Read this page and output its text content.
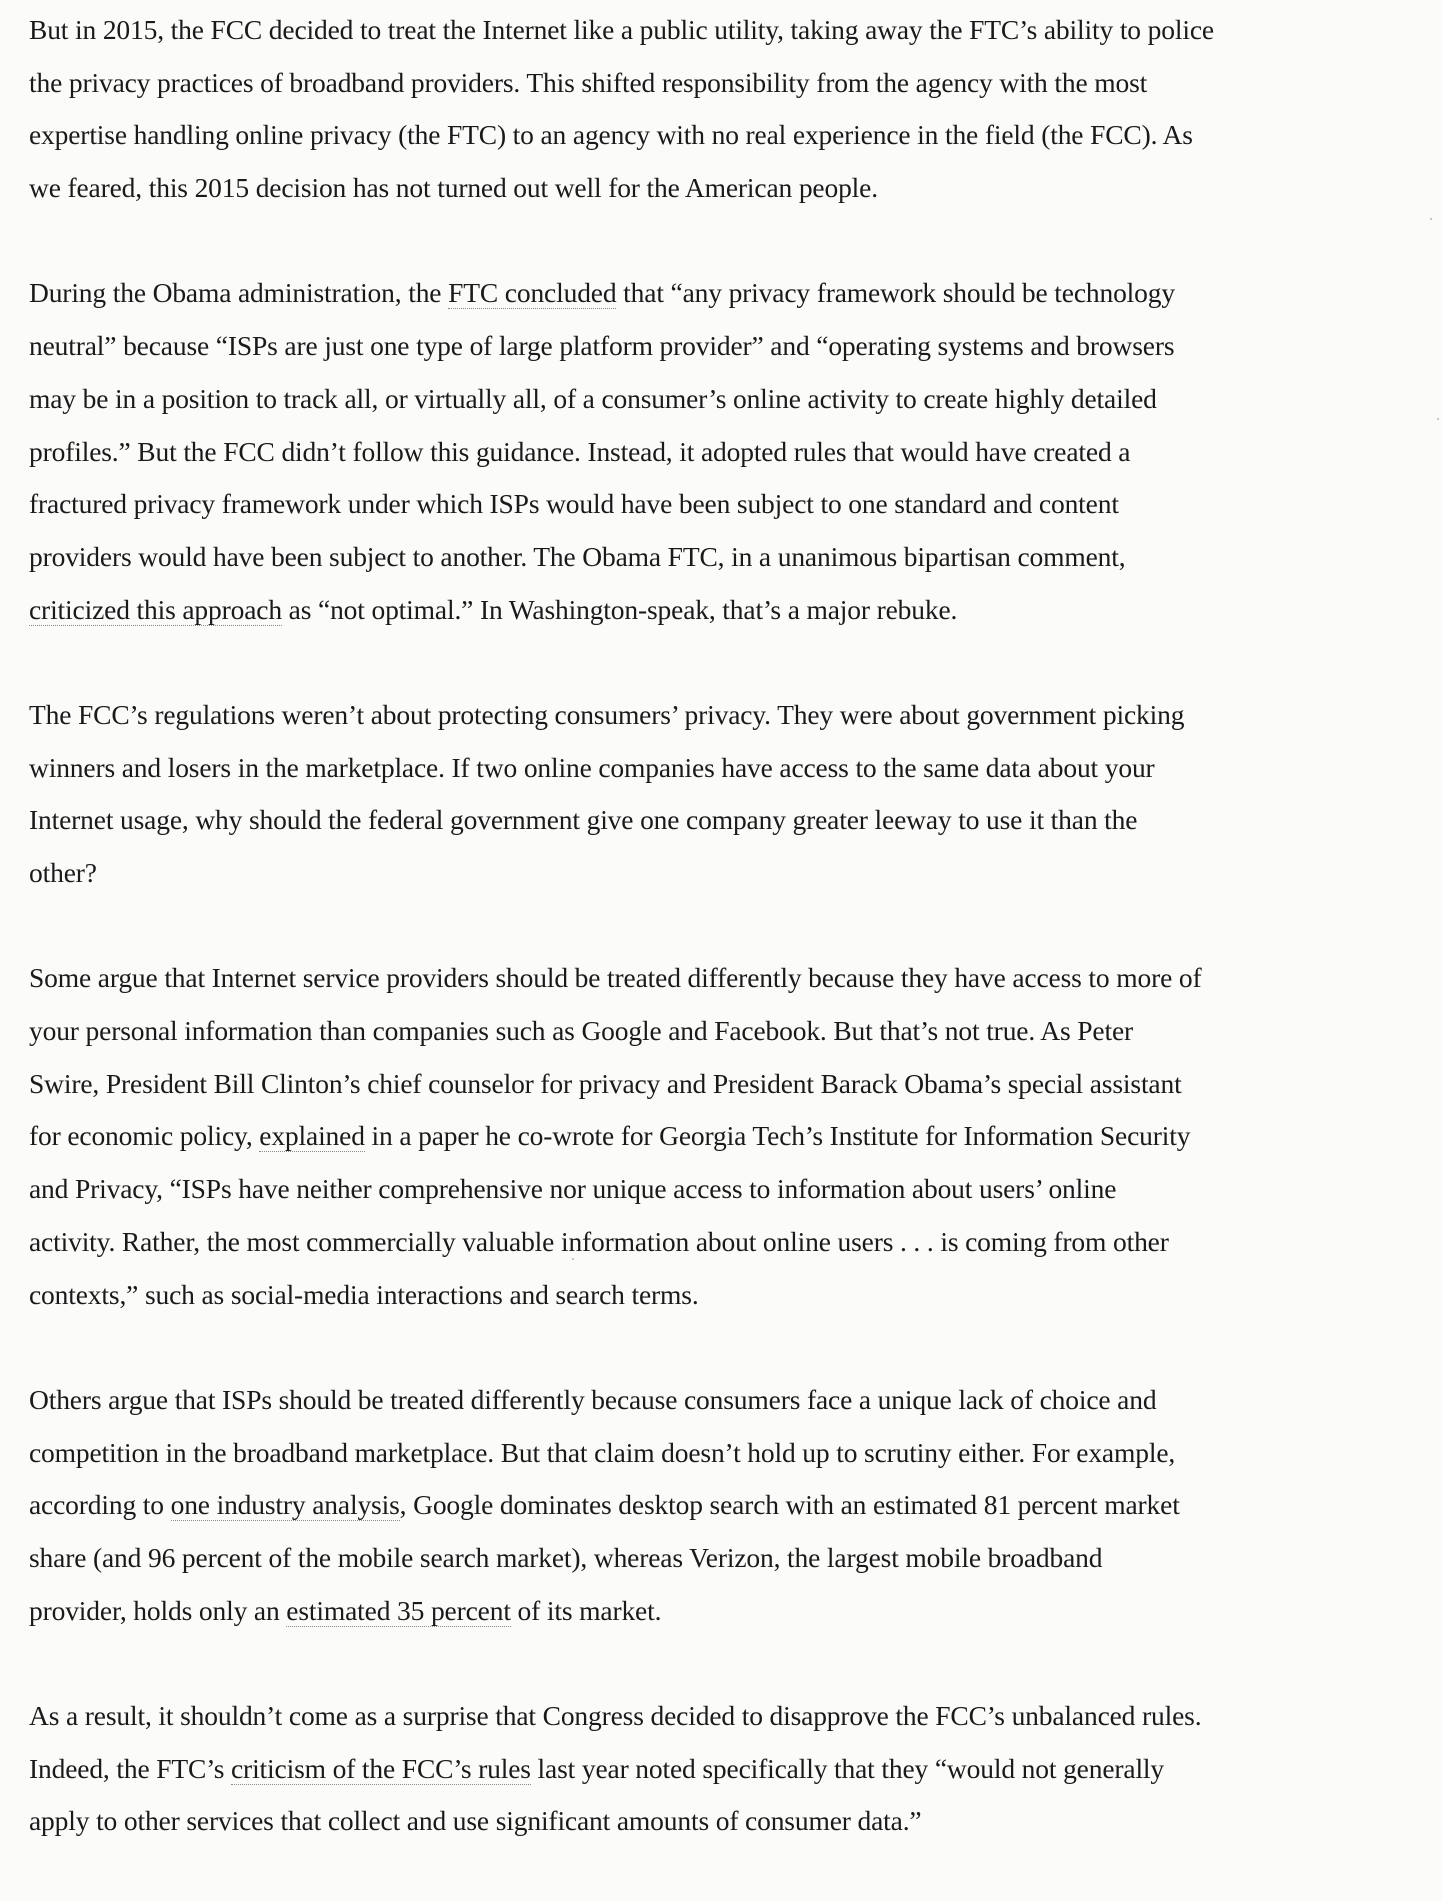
But in 2015, the FCC decided to treat the Internet like a public utility, taking away the FTC’s ability to police
the privacy practices of broadband providers. This shifted responsibility from the agency with the most
expertise handling online privacy (the FTC) to an agency with no real experience in the field (the FCC). As
we feared, this 2015 decision has not turned out well for the American people.
During the Obama administration, the FTC concluded that “any privacy framework should be technology
neutral” because “ISPs are just one type of large platform provider” and “operating systems and browsers
may be in a position to track all, or virtually all, of a consumer’s online activity to create highly detailed
profiles.” But the FCC didn’t follow this guidance. Instead, it adopted rules that would have created a
fractured privacy framework under which ISPs would have been subject to one standard and content
providers would have been subject to another. The Obama FTC, in a unanimous bipartisan comment,
criticized this approach as “not optimal.” In Washington-speak, that’s a major rebuke.
The FCC’s regulations weren’t about protecting consumers’ privacy. They were about government picking
winners and losers in the marketplace. If two online companies have access to the same data about your
Internet usage, why should the federal government give one company greater leeway to use it than the
other?
Some argue that Internet service providers should be treated differently because they have access to more of
your personal information than companies such as Google and Facebook. But that’s not true. As Peter
Swire, President Bill Clinton’s chief counselor for privacy and President Barack Obama’s special assistant
for economic policy, explained in a paper he co-wrote for Georgia Tech’s Institute for Information Security
and Privacy, “ISPs have neither comprehensive nor unique access to information about users’ online
activity. Rather, the most commercially valuable information about online users . . . is coming from other
contexts,” such as social-media interactions and search terms.
Others argue that ISPs should be treated differently because consumers face a unique lack of choice and
competition in the broadband marketplace. But that claim doesn’t hold up to scrutiny either. For example,
according to one industry analysis, Google dominates desktop search with an estimated 81 percent market
share (and 96 percent of the mobile search market), whereas Verizon, the largest mobile broadband
provider, holds only an estimated 35 percent of its market.
As a result, it shouldn’t come as a surprise that Congress decided to disapprove the FCC’s unbalanced rules.
Indeed, the FTC’s criticism of the FCC’s rules last year noted specifically that they “would not generally
apply to other services that collect and use significant amounts of consumer data.”
